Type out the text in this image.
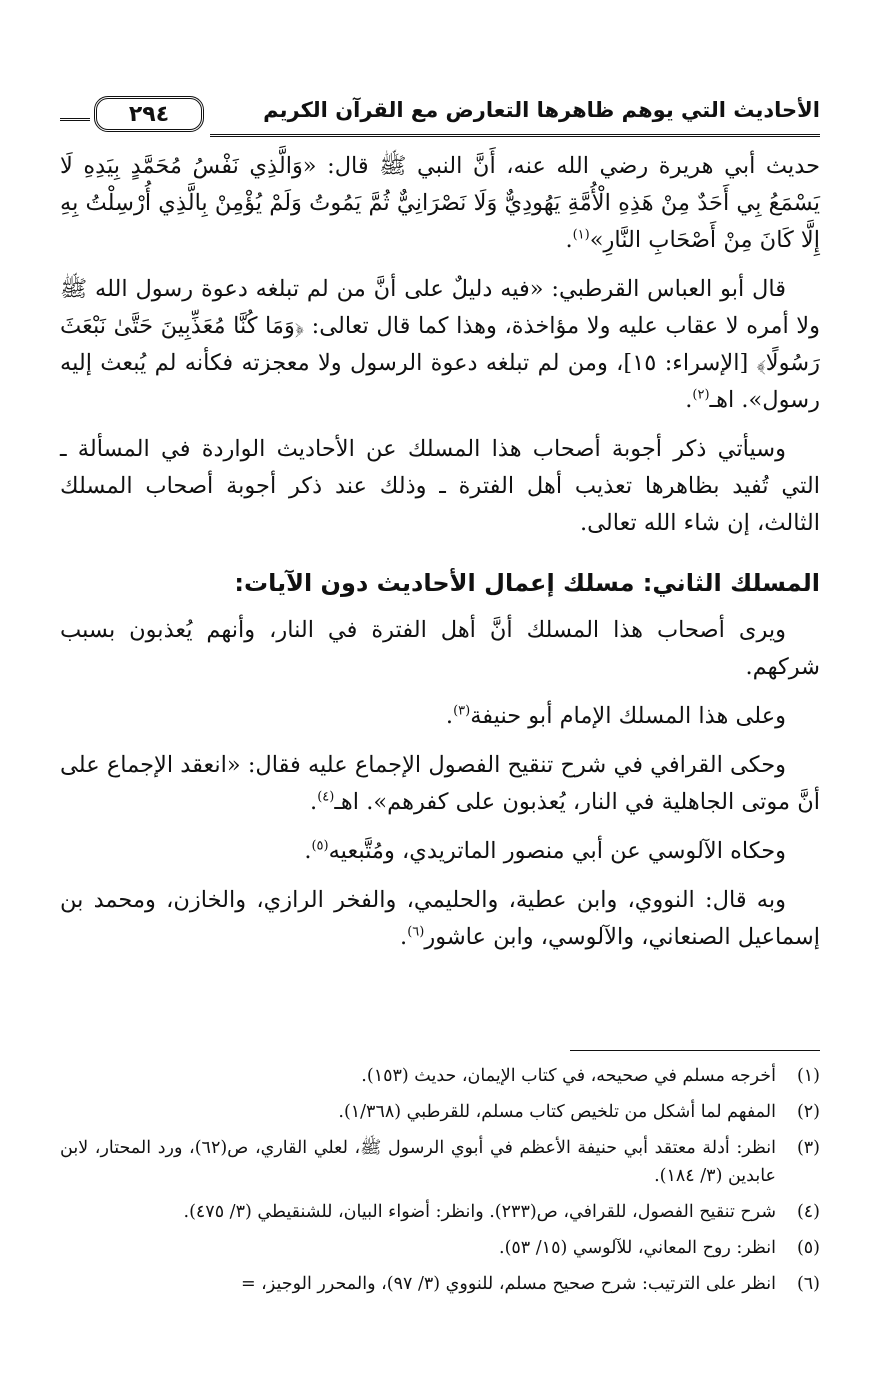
الأحاديث التي يوهم ظاهرها التعارض مع القرآن الكريم
٢٩٤

حديث أبي هريرة رضي الله عنه، أَنَّ النبي ﷺ قال: «وَالَّذِي نَفْسُ مُحَمَّدٍ بِيَدِهِ لَا يَسْمَعُ بِي أَحَدٌ مِنْ هَذِهِ الْأُمَّةِ يَهُودِيٌّ وَلَا نَصْرَانِيٌّ ثُمَّ يَمُوتُ وَلَمْ يُؤْمِنْ بِالَّذِي أُرْسِلْتُ بِهِ إِلَّا كَانَ مِنْ أَصْحَابِ النَّارِ»$^{(١)}$.

قال أبو العباس القرطبي: «فيه دليلٌ على أنَّ من لم تبلغه دعوة رسول الله ﷺ ولا أمره لا عقاب عليه ولا مؤاخذة، وهذا كما قال تعالى: ﴿وَمَا كُنَّا مُعَذِّبِينَ حَتَّىٰ نَبْعَثَ رَسُولًا﴾ [الإسراء: ١٥]، ومن لم تبلغه دعوة الرسول ولا معجزته فكأنه لم يُبعث إليه رسول». اهـ$^{(٢)}$.

وسيأتي ذكر أجوبة أصحاب هذا المسلك عن الأحاديث الواردة في المسألة ـ التي تُفيد بظاهرها تعذيب أهل الفترة ـ وذلك عند ذكر أجوبة أصحاب المسلك الثالث، إن شاء الله تعالى.

المسلك الثاني: مسلك إعمال الأحاديث دون الآيات:

ويرى أصحاب هذا المسلك أنَّ أهل الفترة في النار، وأنهم يُعذبون بسبب شركهم.

وعلى هذا المسلك الإمام أبو حنيفة$^{(٣)}$.

وحكى القرافي في شرح تنقيح الفصول الإجماع عليه فقال: «انعقد الإجماع على أنَّ موتى الجاهلية في النار، يُعذبون على كفرهم». اهـ$^{(٤)}$.

وحكاه الآلوسي عن أبي منصور الماتريدي، ومُتَّبعيه$^{(٥)}$.

وبه قال: النووي، وابن عطية، والحليمي، والفخر الرازي، والخازن، ومحمد بن إسماعيل الصنعاني، والآلوسي، وابن عاشور$^{(٦)}$.

(١)
أخرجه مسلم في صحيحه، في كتاب الإيمان، حديث (١٥٣).
(٢)
المفهم لما أشكل من تلخيص كتاب مسلم، للقرطبي (١/٣٦٨).
(٣)
انظر: أدلة معتقد أبي حنيفة الأعظم في أبوي الرسول ﷺ، لعلي القاري، ص(٦٢)، ورد المحتار، لابن عابدين (٣/ ١٨٤).
(٤)
شرح تنقيح الفصول، للقرافي، ص(٢٣٣). وانظر: أضواء البيان، للشنقيطي (٣/ ٤٧٥).
(٥)
انظر: روح المعاني، للآلوسي (١٥/ ٥٣).
(٦)
انظر على الترتيب: شرح صحيح مسلم، للنووي (٣/ ٩٧)، والمحرر الوجيز، =
